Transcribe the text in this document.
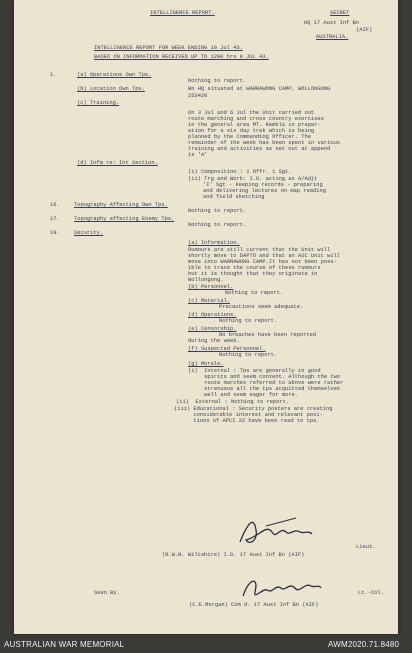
INTELLIGENCE REPORT.	SECRET
HQ 17 Aust Inf Bn
(AIF)
AUSTRALIA.
INTELLIGENCE REPORT FOR WEEK ENDING 10 Jul 43.
BASED ON INFORMATION RECEIVED UP TO 1200 hrs 9 JUL 43.
1.	(a) Operations Own Tps.
Nothing to report.
(b) Location Own Tps.	Bn HQ situated at WARRAWONG CAMP, WOLLONGONG
253420
(c) Training.
On 3 Jul and 6 Jul the Unit carried out
route marching and cross country exercises
in the general area MT. Kembla in prepar-
ation for a six day trek which is being
planned by the Commanding Officer. The
remainder of the week has been spent in various
training and activities as set out at append
is 'A'
(d) Infm re: Int Section.
(i) Composition : 1 Offr. 1 Sgt.
(ii) Trg and Work: I.O. acting as A/Adjt
'I' Sgt - keeping records - preparing
and delivering lectures on map reading
and field sketching
16.	Topography Affecting Own Tps.
Nothing to report.
17.	Topography affecting Enemy Tps.
Nothing to report.
19.	Security.
(a) Information.
Rumours are still current that the Unit will
shortly move to DAPTO and that an ASC Unit will
move into WARRAWONG CAMP.It has not been poss-
ible to trace the course of these rumours
but it is thought that they originate in
Wollongong.
(b) Personnel.
Nothing to report.
(c) Material.
Precautions seem adequate.
(d) Operations.
Nothing to report.
(e) Censorship.
No breaches have been reported
during the week.
(f) Suspected Personnel.
Nothing to report.
(g) Morale.
(i)  Internal : Tps are generally in good
spirits and seem content. Although the two
route marches referred to above were rather
strenuous all the tps acquitted themselves
well and seem eager for more.
(ii)  External : Nothing to report.
(iii) Educational : Security posters are creating
considerable interest and relevant posi-
tions of APCI 22 have been read to tps.
Lieut.
(R.W.N. Wiltshire) I.O. 17 Aust Inf Bn (AIF)
Seen By.	Lt.-Col.
(C.E.Morgan) Com d. 17 Aust Inf Bn (AIF)
AUSTRALIAN WAR MEMORIAL	AWM2020.71.8480
